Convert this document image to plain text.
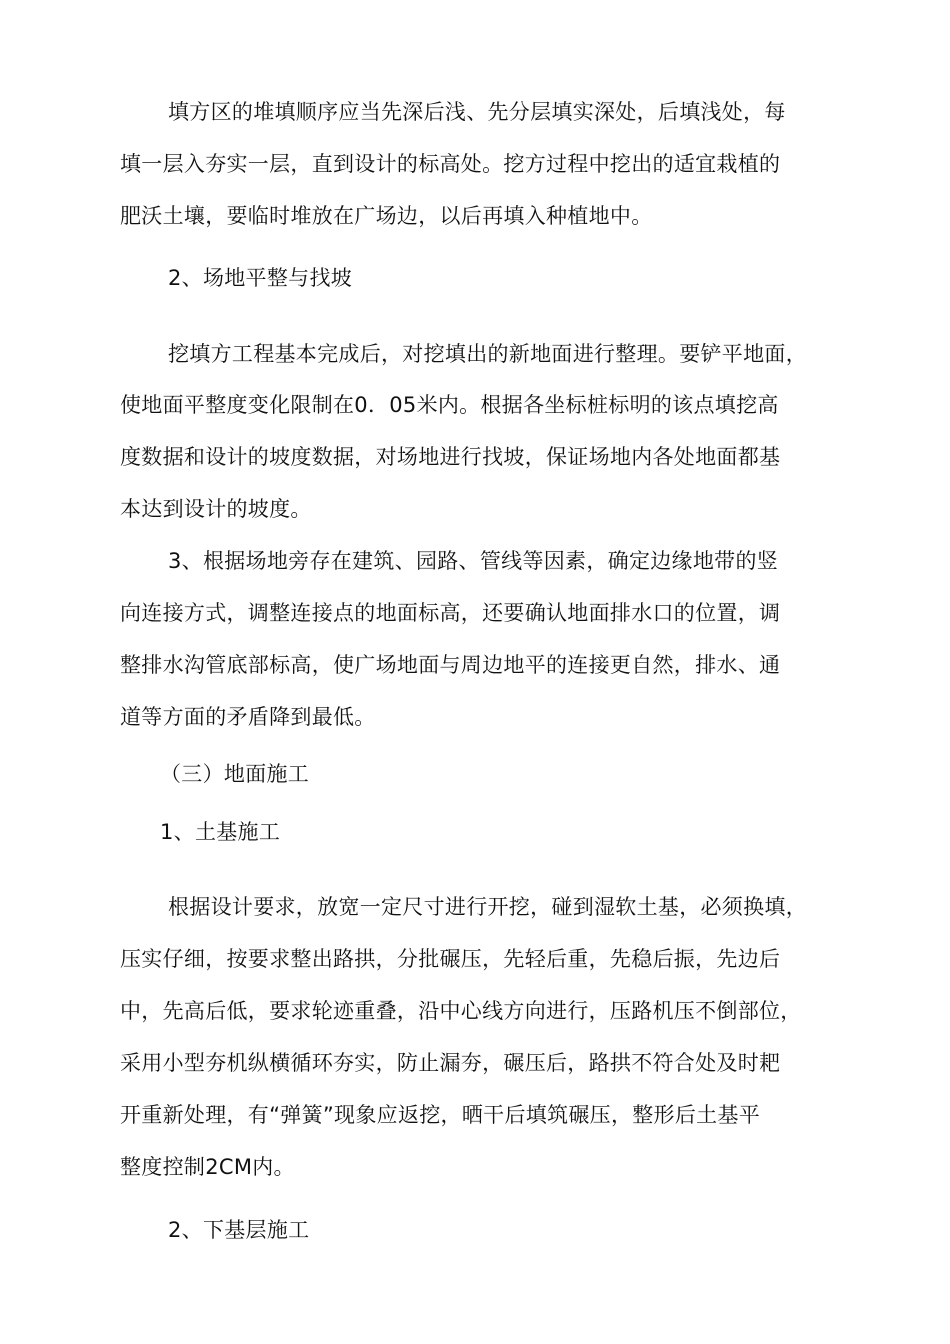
填方区的堆填顺序应当先深后浅、先分层填实深处，后填浅处，每
填一层入夯实一层，直到设计的标高处。挖方过程中挖出的适宜栽植的
肥沃土壤，要临时堆放在广场边，以后再填入种植地中。
2、场地平整与找坡
挖填方工程基本完成后，对挖填出的新地面进行整理。要铲平地面，
使地面平整度变化限制在0．05米内。根据各坐标桩标明的该点填挖高
度数据和设计的坡度数据，对场地进行找坡，保证场地内各处地面都基
本达到设计的坡度。
3、根据场地旁存在建筑、园路、管线等因素，确定边缘地带的竖
向连接方式，调整连接点的地面标高，还要确认地面排水口的位置，调
整排水沟管底部标高，使广场地面与周边地平的连接更自然，排水、通
道等方面的矛盾降到最低。
（三）地面施工
1、土基施工
根据设计要求，放宽一定尺寸进行开挖，碰到湿软土基，必须换填，
压实仔细，按要求整出路拱，分批碾压，先轻后重，先稳后振，先边后
中，先高后低，要求轮迹重叠，沿中心线方向进行，压路机压不倒部位，
采用小型夯机纵横循环夯实，防止漏夯，碾压后，路拱不符合处及时耙
开重新处理，有“弹簧”现象应返挖，晒干后填筑碾压，整形后土基平
整度控制2CM内。
2、下基层施工
